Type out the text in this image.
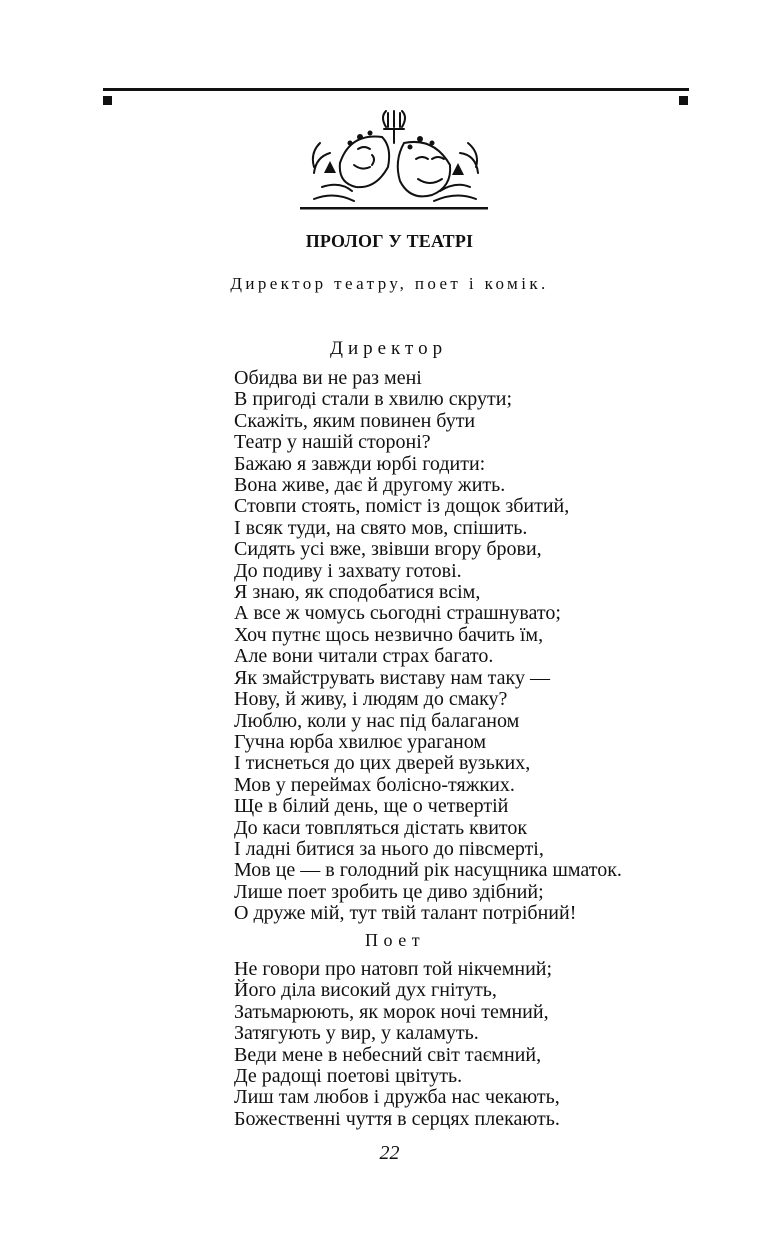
ПРОЛОГ У ТЕАТРІ
Директор театру, поет і комік.
Директор
Обидва ви не раз мені
В пригоді стали в хвилю скрути;
Скажіть, яким повинен бути
Театр у нашій стороні?
Бажаю я завжди юрбі годити:
Вона живе, дає й другому жить.
Стовпи стоять, поміст із дощок збитий,
І всяк туди, на свято мов, спішить.
Сидять усі вже, звівши вгору брови,
До подиву і захвату готові.
Я знаю, як сподобатися всім,
А все ж чомусь сьогодні страшнувато;
Хоч путнє щось незвично бачить їм,
Але вони читали страх багато.
Як змайструвать виставу нам таку —
Нову, й живу, і людям до смаку?
Люблю, коли у нас під балаганом
Гучна юрба хвилює ураганом
І тиснеться до цих дверей вузьких,
Мов у переймах болісно-тяжких.
Ще в білий день, ще о четвертій
До каси товпляться дістать квиток
І ладні битися за нього до півсмерті,
Мов це — в голодний рік насущника шматок.
Лише поет зробить це диво здібний;
О друже мій, тут твій талант потрібний!
Поет
Не говори про натовп той нікчемний;
Його діла високий дух гнітуть,
Затьмарюють, як морок ночі темний,
Затягують у вир, у каламуть.
Веди мене в небесний світ таємний,
Де радощі поетові цвітуть.
Лиш там любов і дружба нас чекають,
Божественні чуття в серцях плекають.
22
